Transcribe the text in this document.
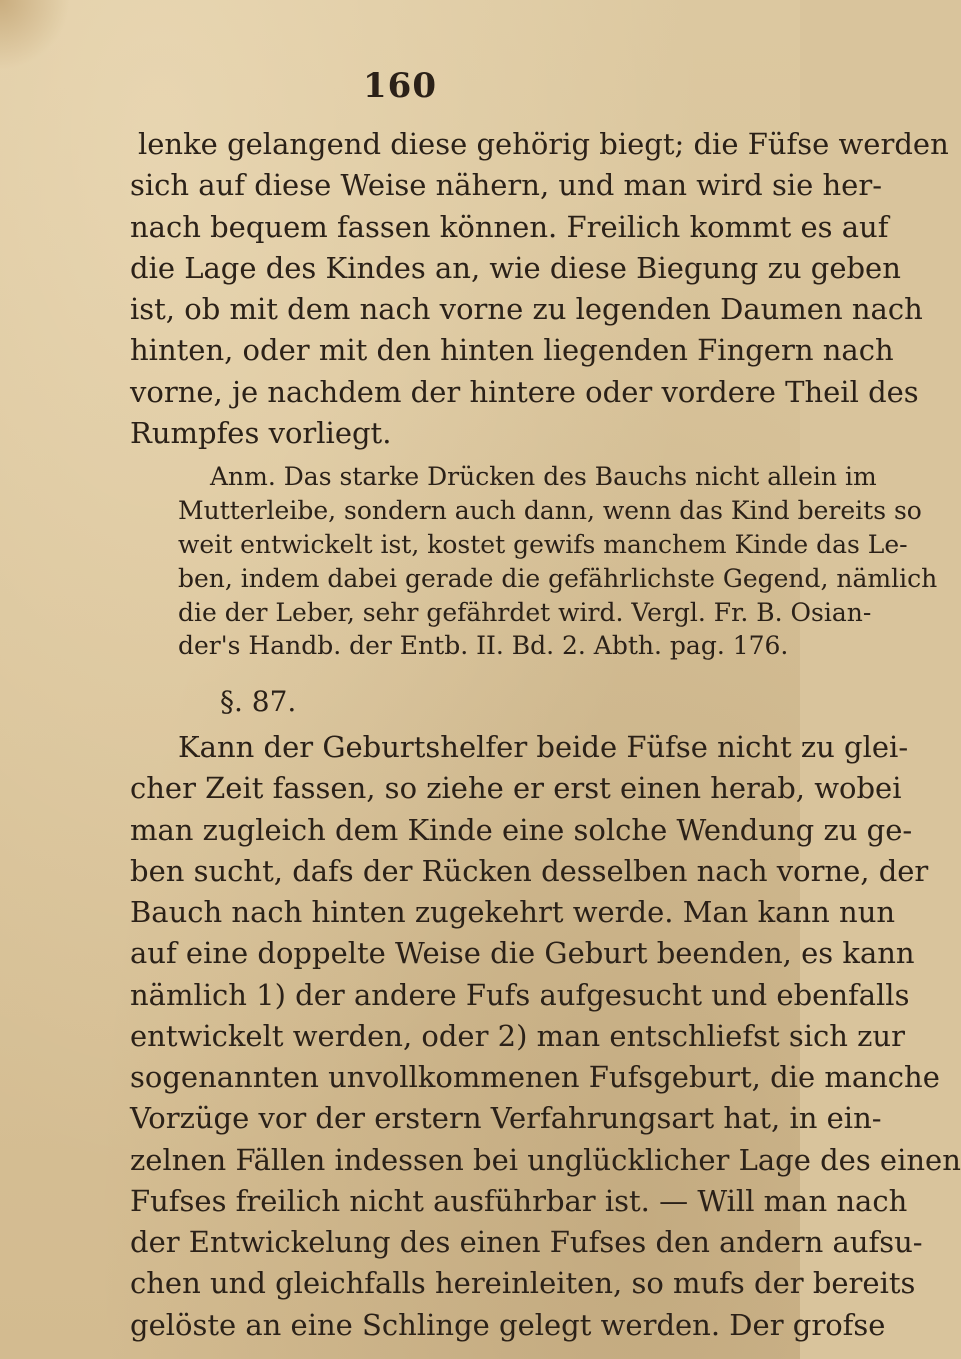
160
lenke gelangend diese gehörig biegt; die Füfse werden
sich auf diese Weise nähern, und man wird sie her-
nach bequem fassen können. Freilich kommt es auf
die Lage des Kindes an, wie diese Biegung zu geben
ist, ob mit dem nach vorne zu legenden Daumen nach
hinten, oder mit den hinten liegenden Fingern nach
vorne, je nachdem der hintere oder vordere Theil des
Rumpfes vorliegt.
Anm. Das starke Drücken des Bauchs nicht allein im
Mutterleibe, sondern auch dann, wenn das Kind bereits so
weit entwickelt ist, kostet gewifs manchem Kinde das Le-
ben, indem dabei gerade die gefährlichste Gegend, nämlich
die der Leber, sehr gefährdet wird. Vergl. Fr. B. Osian-
der's Handb. der Entb. II. Bd. 2. Abth. pag. 176.
§. 87.
Kann der Geburtshelfer beide Füfse nicht zu glei-
cher Zeit fassen, so ziehe er erst einen herab, wobei
man zugleich dem Kinde eine solche Wendung zu ge-
ben sucht, dafs der Rücken desselben nach vorne, der
Bauch nach hinten zugekehrt werde. Man kann nun
auf eine doppelte Weise die Geburt beenden, es kann
nämlich 1) der andere Fufs aufgesucht und ebenfalls
entwickelt werden, oder 2) man entschliefst sich zur
sogenannten unvollkommenen Fufsgeburt, die manche
Vorzüge vor der erstern Verfahrungsart hat, in ein-
zelnen Fällen indessen bei unglücklicher Lage des einen
Fufses freilich nicht ausführbar ist. — Will man nach
der Entwickelung des einen Fufses den andern aufsu-
chen und gleichfalls hereinleiten, so mufs der bereits
gelöste an eine Schlinge gelegt werden. Der grofse
